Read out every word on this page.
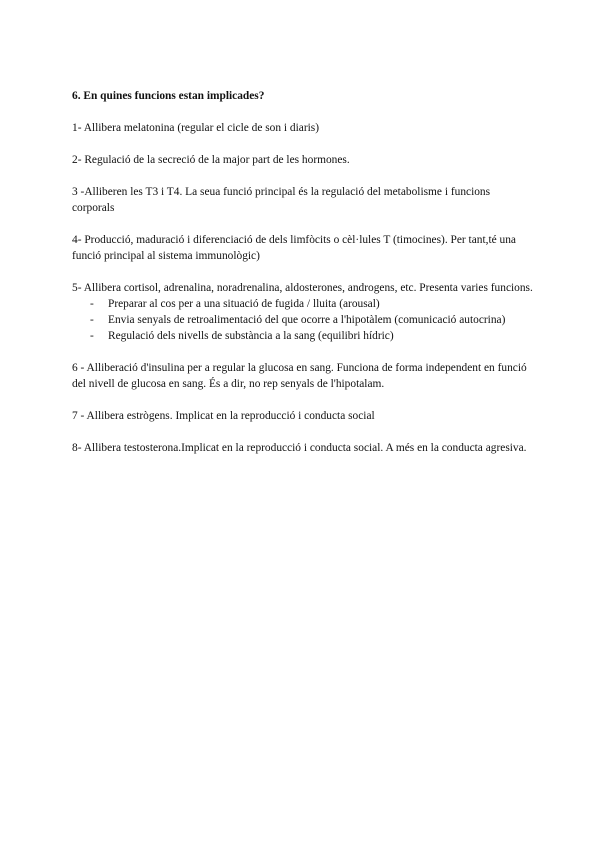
6. En quines funcions estan implicades?

1- Allibera melatonina (regular el cicle de son i diaris)

2- Regulació de la secreció de la major part de les hormones.

3 -Alliberen les T3 i T4. La seua funció principal és la regulació del metabolisme i funcions corporals

4- Producció, maduració i diferenciació de dels limfòcits o cèl·lules T (timocines). Per tant,té una funció principal al sistema immunològic)

5- Allibera cortisol, adrenalina, noradrenalina, aldosterones, androgens, etc. Presenta varies funcions.

- Preparar al cos per a una situació de fugida / lluita (arousal)
- Envia senyals de retroalimentació del que ocorre a l'hipotàlem (comunicació autocrina)
- Regulació dels nivells de substància a la sang (equilibri hídric)

6 - Alliberació d'insulina per a regular la glucosa en sang. Funciona de forma independent en funció del nivell de glucosa en sang. És a dir, no rep senyals de l'hipotalam.

7 - Allibera estrògens. Implicat en la reproducció i conducta social

8- Allibera testosterona.Implicat en la reproducció i conducta social. A més en la conducta agresiva.
